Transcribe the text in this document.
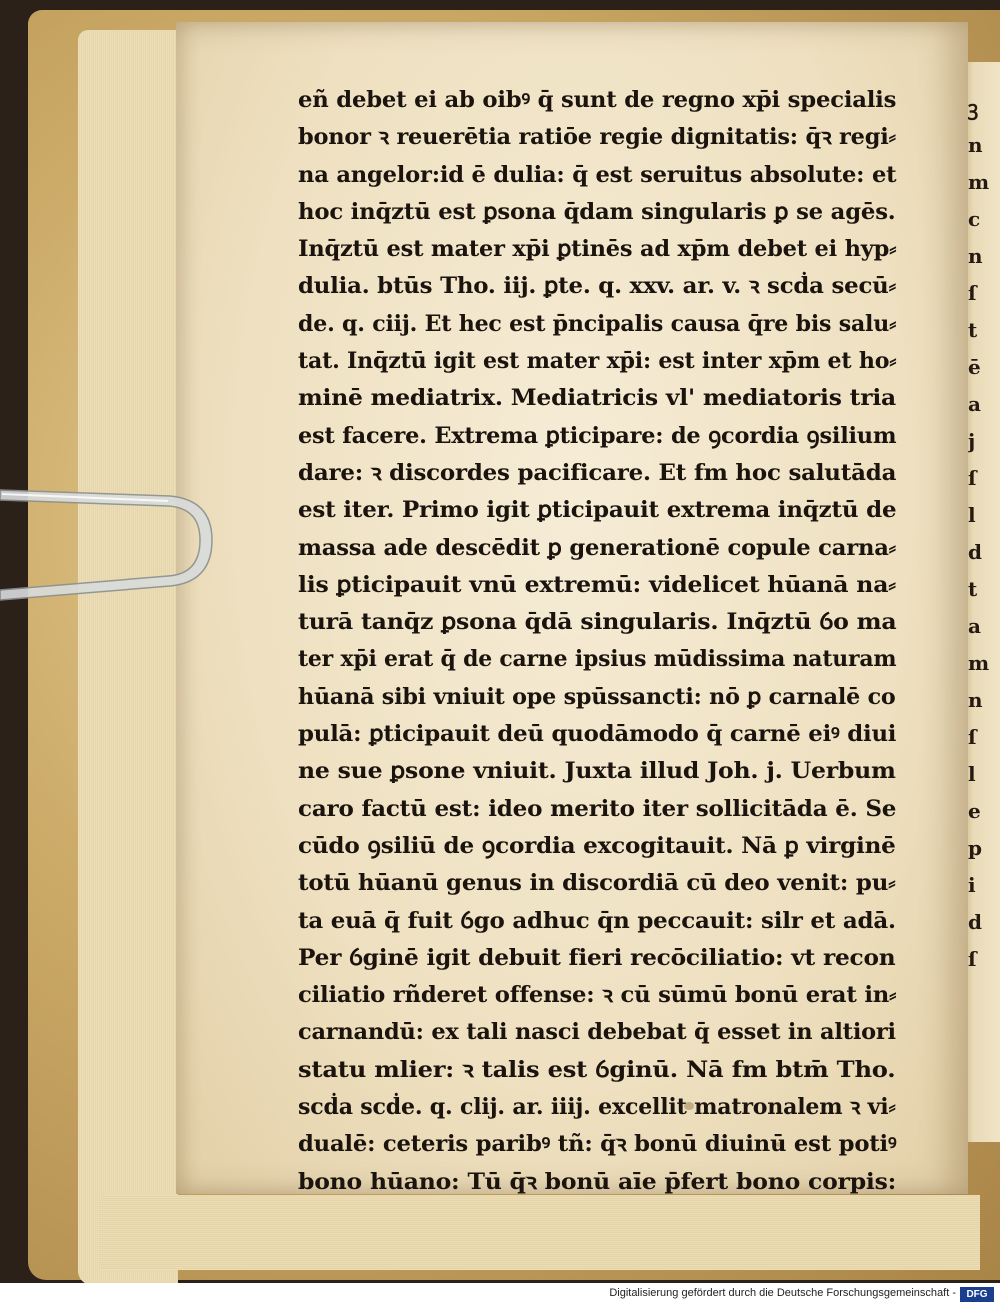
ꝫ
n
m
c
n
ſ
t
ē
a
j
ſ
l
d
t
a
m
n
ſ
l
e
p
i
d
ſ
eñ debet ei ab oibꝰ q̄ sunt de regno xp̄i specialis
bonor ꝛ reuerētia ratiōe regie dignitatis: q̄ꝛ regi⸗
na angelor:id ē dulia: q̄ est seruitus absolute: et
hoc inq̄ztū est ꝑsona q̄dam singularis ꝑ se agēs.
Inq̄ztū est mater xp̄i ꝑtinēs ad xp̄m debet ei hyp⸗
dulia. btūs Tho. iij. ꝑte. q. xxv. ar. v. ꝛ scḋa secū⸗
de. q. ciij. Et hec est p̄ncipalis causa q̄re bis salu⸗
tat. Inq̄ztū igit est mater xp̄i: est inter xp̄m et ho⸗
minē mediatrix. Mediatricis vl' mediatoris tria
est facere. Extrema ꝑticipare: de ꝯcordia ꝯsilium
dare: ꝛ discordes pacificare. Et fm hoc salutāda
est iter. Primo igit ꝑticipauit extrema inq̄ztū de
massa ade descēdit ꝑ generationē copule carna⸗
lis ꝑticipauit vnū extremū: videlicet hūanā na⸗
turā tanq̄z ꝑsona q̄dā singularis. Inq̄ztū ỽo ma
ter xp̄i erat q̄ de carne ipsius mūdissima naturam
hūanā sibi vniuit ope spūssancti: nō ꝑ carnalē co
pulā: ꝑticipauit deū quodāmodo q̄ carnē eiꝰ diui
ne sue ꝑsone vniuit. Juxta illud Joh. j. Uerbum
caro factū est: ideo merito iter sollicitāda ē. Se
cūdo ꝯsiliū de ꝯcordia excogitauit. Nā ꝑ virginē
totū hūanū genus in discordiā cū deo venit: pu⸗
ta euā q̄ fuit ỽgo adhuc q̄n peccauit: silr et adā.
Per ỽginē igit debuit fieri recōciliatio: vt recon
ciliatio rñderet offense: ꝛ cū sūmū bonū erat in⸗
carnandū: ex tali nasci debebat q̄ esset in altiori
statu mlier: ꝛ talis est ỽginū. Nā fm btm̄ Tho.
scḋa scḋe. q. clij. ar. iiij. excellit matronalem ꝛ vi⸗
dualē: ceteris paribꝰ tñ: q̄ꝛ bonū diuinū est potiꝰ
bono hūano: Tū q̄ꝛ bonū aīe p̄fert bono corpis:
Digitalisierung gefördert durch die Deutsche Forschungsgemeinschaft -	DFG
